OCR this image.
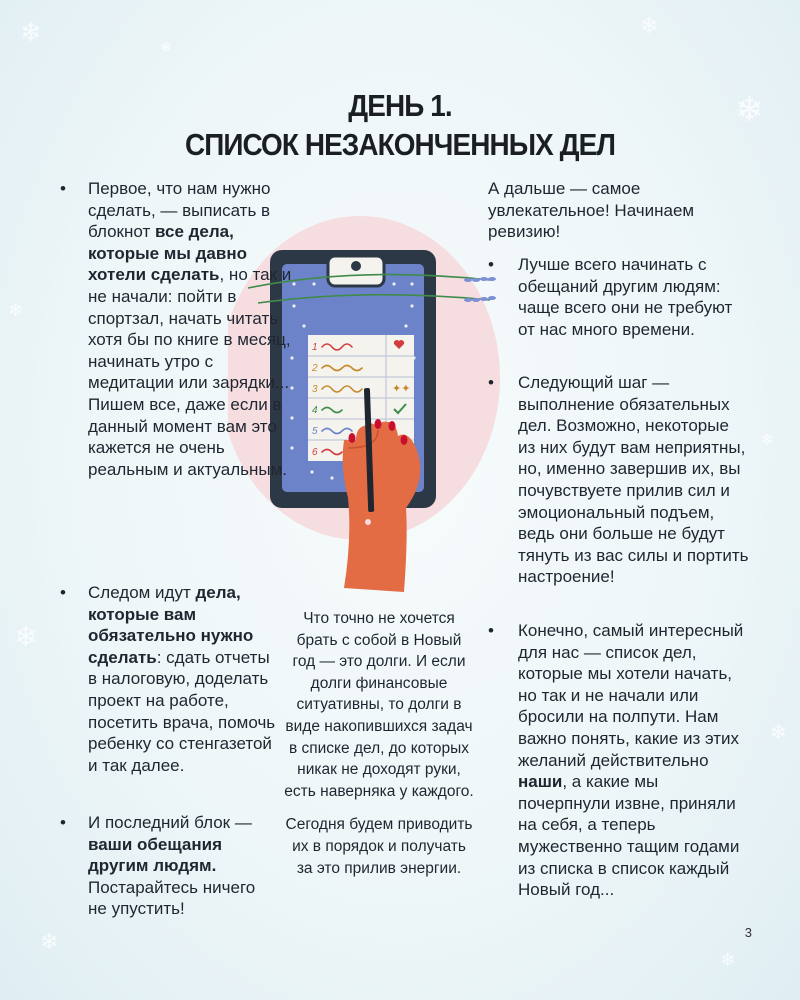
❄	❄
❄
❄
❄
❄
❄
❄
❄
❄
ДЕНЬ 1.
СПИСОК НЕЗАКОНЧЕННЫХ ДЕЛ
1
2
3
4
5
6
✦✦
• Первое, что нам нужно сделать, — выписать в блокнот все дела, которые мы давно хотели сделать, но так и не начали: пойти в спортзал, начать читать хотя бы по книге в месяц, начинать утро с медитации или зарядки... Пишем все, даже если в данный момент вам это кажется не очень реальным и актуальным.
• Следом идут дела, которые вам обязательно нужно сделать: сдать отчеты в налоговую, доделать проект на работе, посетить врача, помочь ребенку со стенгазетой и так далее.
• И последний блок — ваши обещания другим людям. Постарайтесь ничего не упустить!
Что точно не хочется брать с собой в Новый год — это долги. И если долги финансовые ситуативны, то долги в виде накопившихся задач в списке дел, до которых никак не доходят руки, есть наверняка у каждого.
Сегодня будем приводить их в порядок и получать за это прилив энергии.
А дальше — самое увлекательное! Начинаем ревизию!
• Лучше всего начинать с обещаний другим людям: чаще всего они не требуют от нас много времени.
• Следующий шаг — выполнение обязательных дел. Возможно, некоторые из них будут вам неприятны, но, именно завершив их, вы почувствуете прилив сил и эмоциональный подъем, ведь они больше не будут тянуть из вас силы и портить настроение!
• Конечно, самый интересный для нас — список дел, которые мы хотели начать, но так и не начали или бросили на полпути. Нам важно понять, какие из этих желаний действительно наши, а какие мы почерпнули извне, приняли на себя, а теперь мужественно тащим годами из списка в список каждый Новый год...
3
